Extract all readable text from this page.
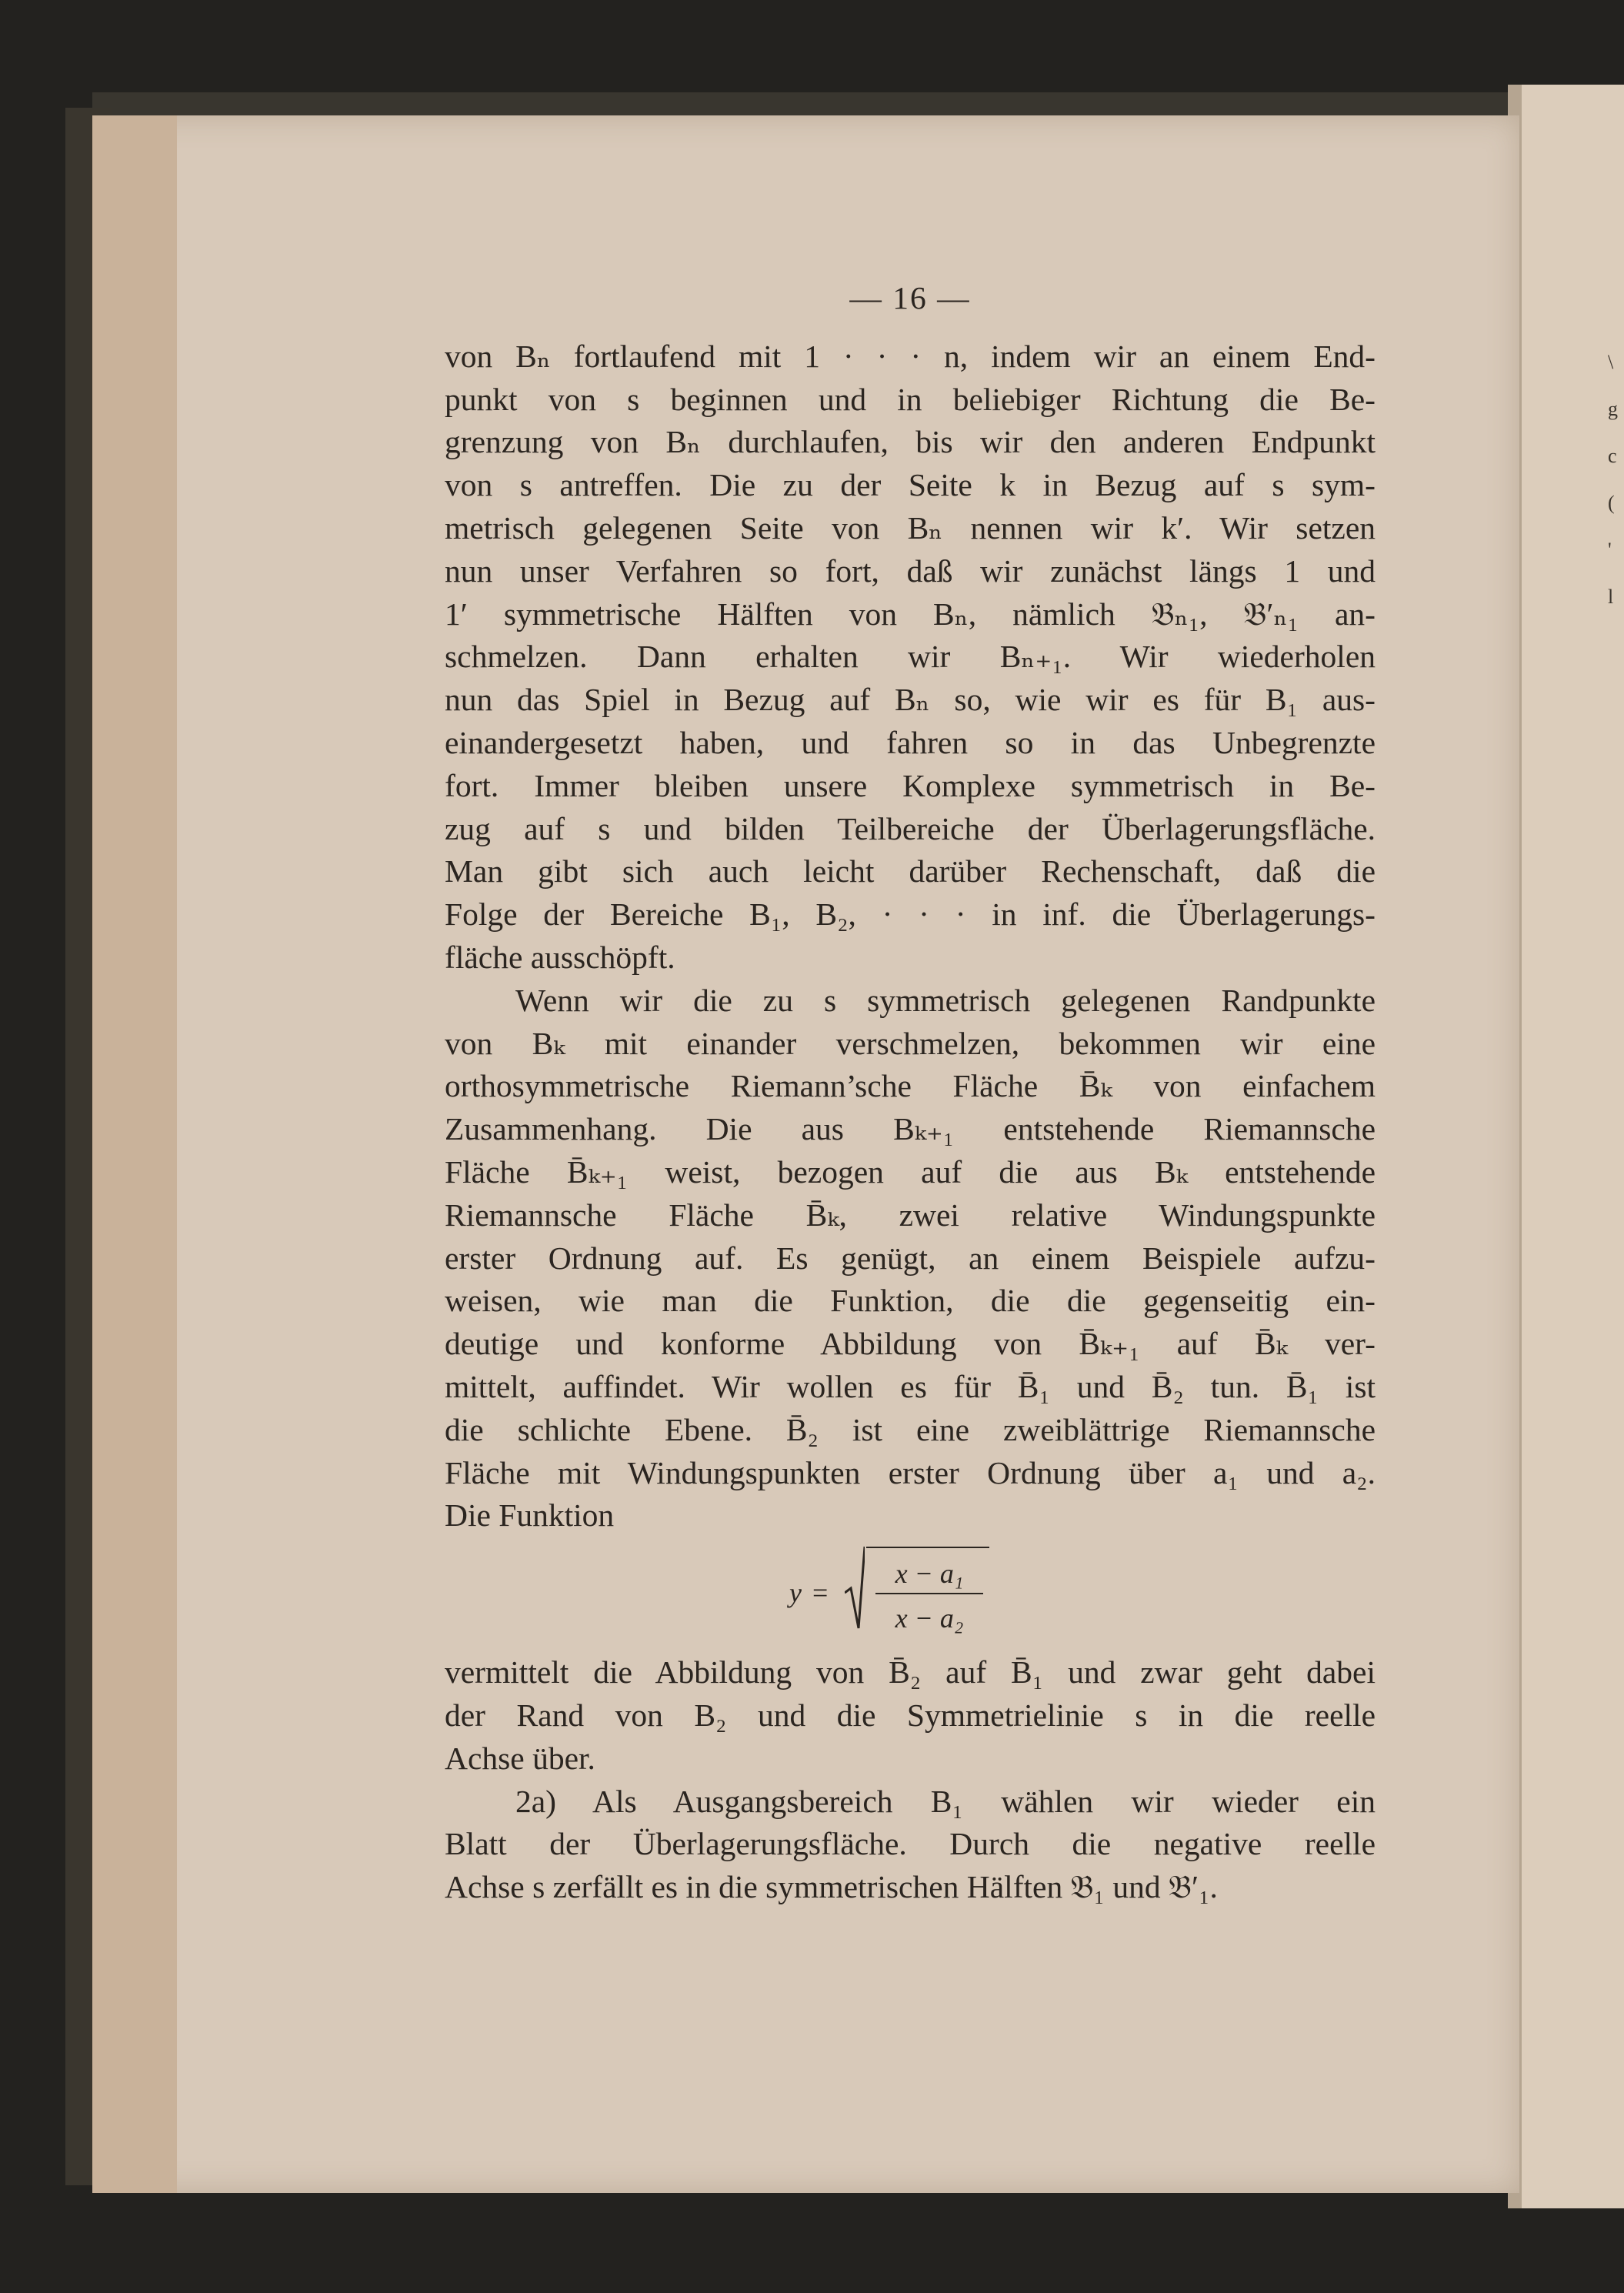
\
g
c
(
'
l
— 16 —
von Bₙ fortlaufend mit 1 · · · n, indem wir an einem End-
punkt von s beginnen und in beliebiger Richtung die Be-
grenzung von Bₙ durchlaufen, bis wir den anderen Endpunkt
von s antreffen. Die zu der Seite k in Bezug auf s sym-
metrisch gelegenen Seite von Bₙ nennen wir k′. Wir setzen
nun unser Verfahren so fort, daß wir zunächst längs 1 und
1′ symmetrische Hälften von Bₙ, nämlich 𝔅ₙ₁, 𝔅′ₙ₁ an-
schmelzen. Dann erhalten wir Bₙ₊₁. Wir wiederholen
nun das Spiel in Bezug auf Bₙ so, wie wir es für B₁ aus-
einandergesetzt haben, und fahren so in das Unbegrenzte
fort. Immer bleiben unsere Komplexe symmetrisch in Be-
zug auf s und bilden Teilbereiche der Überlagerungsfläche.
Man gibt sich auch leicht darüber Rechenschaft, daß die
Folge der Bereiche B₁, B₂, · · · in inf. die Überlagerungs-
fläche ausschöpft.
Wenn wir die zu s symmetrisch gelegenen Randpunkte
von Bₖ mit einander verschmelzen, bekommen wir eine
orthosymmetrische Riemann’sche Fläche B̄ₖ von einfachem
Zusammenhang. Die aus Bₖ₊₁ entstehende Riemannsche
Fläche B̄ₖ₊₁ weist, bezogen auf die aus Bₖ entstehende
Riemannsche Fläche B̄ₖ, zwei relative Windungspunkte
erster Ordnung auf. Es genügt, an einem Beispiele aufzu-
weisen, wie man die Funktion, die die gegenseitig ein-
deutige und konforme Abbildung von B̄ₖ₊₁ auf B̄ₖ ver-
mittelt, auffindet. Wir wollen es für B̄₁ und B̄₂ tun. B̄₁ ist
die schlichte Ebene. B̄₂ ist eine zweiblättrige Riemannsche
Fläche mit Windungspunkten erster Ordnung über a₁ und a₂.
Die Funktion
y =
x − a₁
x − a₂
vermittelt die Abbildung von B̄₂ auf B̄₁ und zwar geht dabei
der Rand von B₂ und die Symmetrielinie s in die reelle
Achse über.
2a) Als Ausgangsbereich B₁ wählen wir wieder ein
Blatt der Überlagerungsfläche. Durch die negative reelle
Achse s zerfällt es in die symmetrischen Hälften 𝔅₁ und 𝔅′₁.
